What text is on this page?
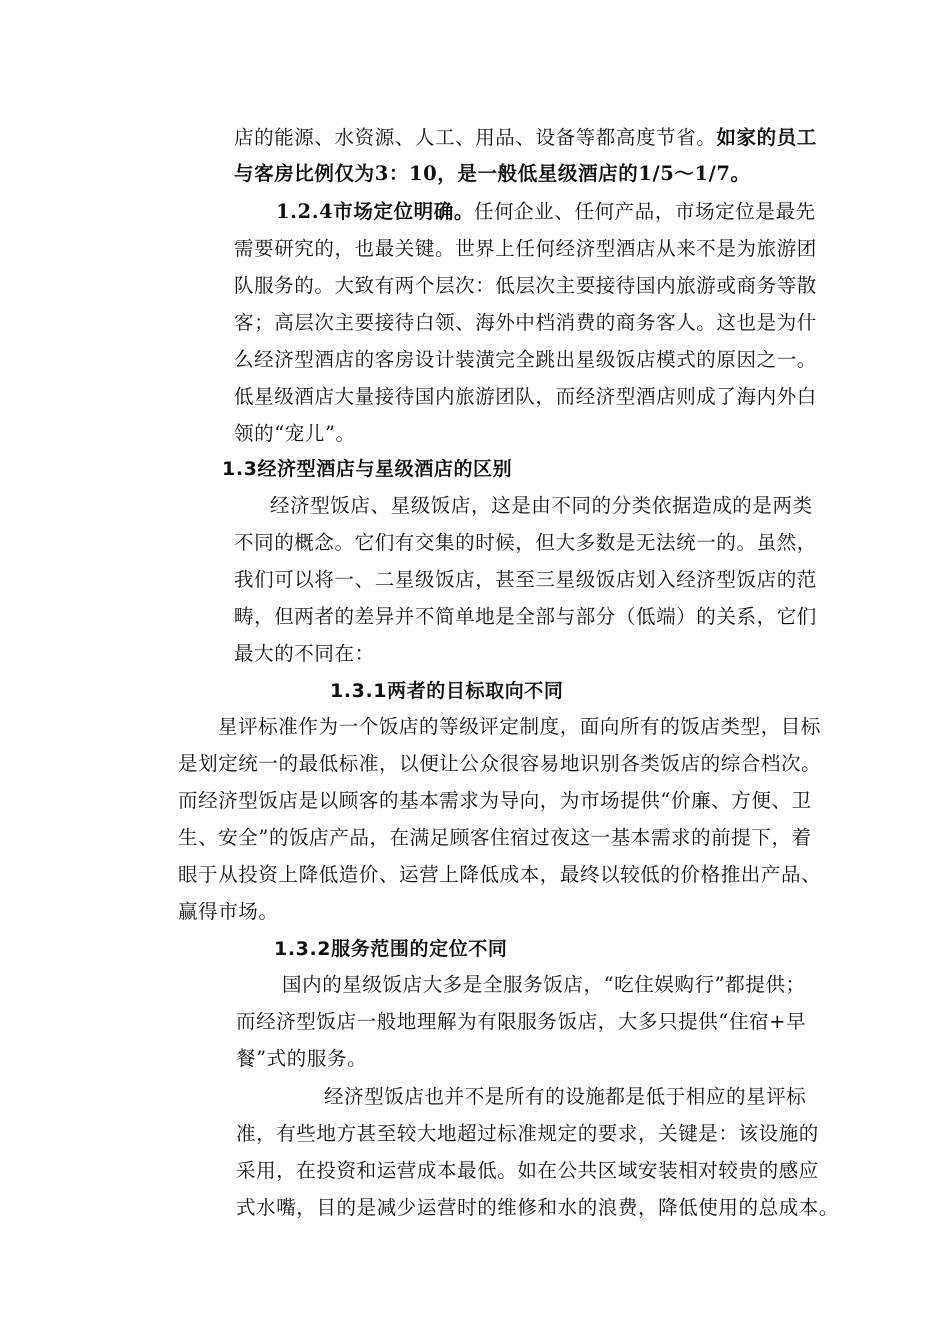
店的能源、水资源、人工、用品、设备等都高度节省。如家的员工
与客房比例仅为3：10，是一般低星级酒店的1/5～1/7。
1.2.4市场定位明确。任何企业、任何产品，市场定位是最先
需要研究的，也最关键。世界上任何经济型酒店从来不是为旅游团
队服务的。大致有两个层次：低层次主要接待国内旅游或商务等散
客；高层次主要接待白领、海外中档消费的商务客人。这也是为什
么经济型酒店的客房设计装潢完全跳出星级饭店模式的原因之一。
低星级酒店大量接待国内旅游团队，而经济型酒店则成了海内外白
领的“宠儿”。
1.3经济型酒店与星级酒店的区别
经济型饭店、星级饭店，这是由不同的分类依据造成的是两类
不同的概念。它们有交集的时候，但大多数是无法统一的。虽然，
我们可以将一、二星级饭店，甚至三星级饭店划入经济型饭店的范
畴，但两者的差异并不简单地是全部与部分（低端）的关系，它们
最大的不同在：
1.3.1两者的目标取向不同
星评标准作为一个饭店的等级评定制度，面向所有的饭店类型，目标
是划定统一的最低标准，以便让公众很容易地识别各类饭店的综合档次。
而经济型饭店是以顾客的基本需求为导向，为市场提供“价廉、方便、卫
生、安全”的饭店产品，在满足顾客住宿过夜这一基本需求的前提下，着
眼于从投资上降低造价、运营上降低成本，最终以较低的价格推出产品、
赢得市场。
1.3.2服务范围的定位不同
国内的星级饭店大多是全服务饭店，“吃住娱购行”都提供；
而经济型饭店一般地理解为有限服务饭店，大多只提供“住宿+早
餐”式的服务。
经济型饭店也并不是所有的设施都是低于相应的星评标
准，有些地方甚至较大地超过标准规定的要求，关键是：该设施的
采用，在投资和运营成本最低。如在公共区域安装相对较贵的感应
式水嘴，目的是减少运营时的维修和水的浪费，降低使用的总成本。
